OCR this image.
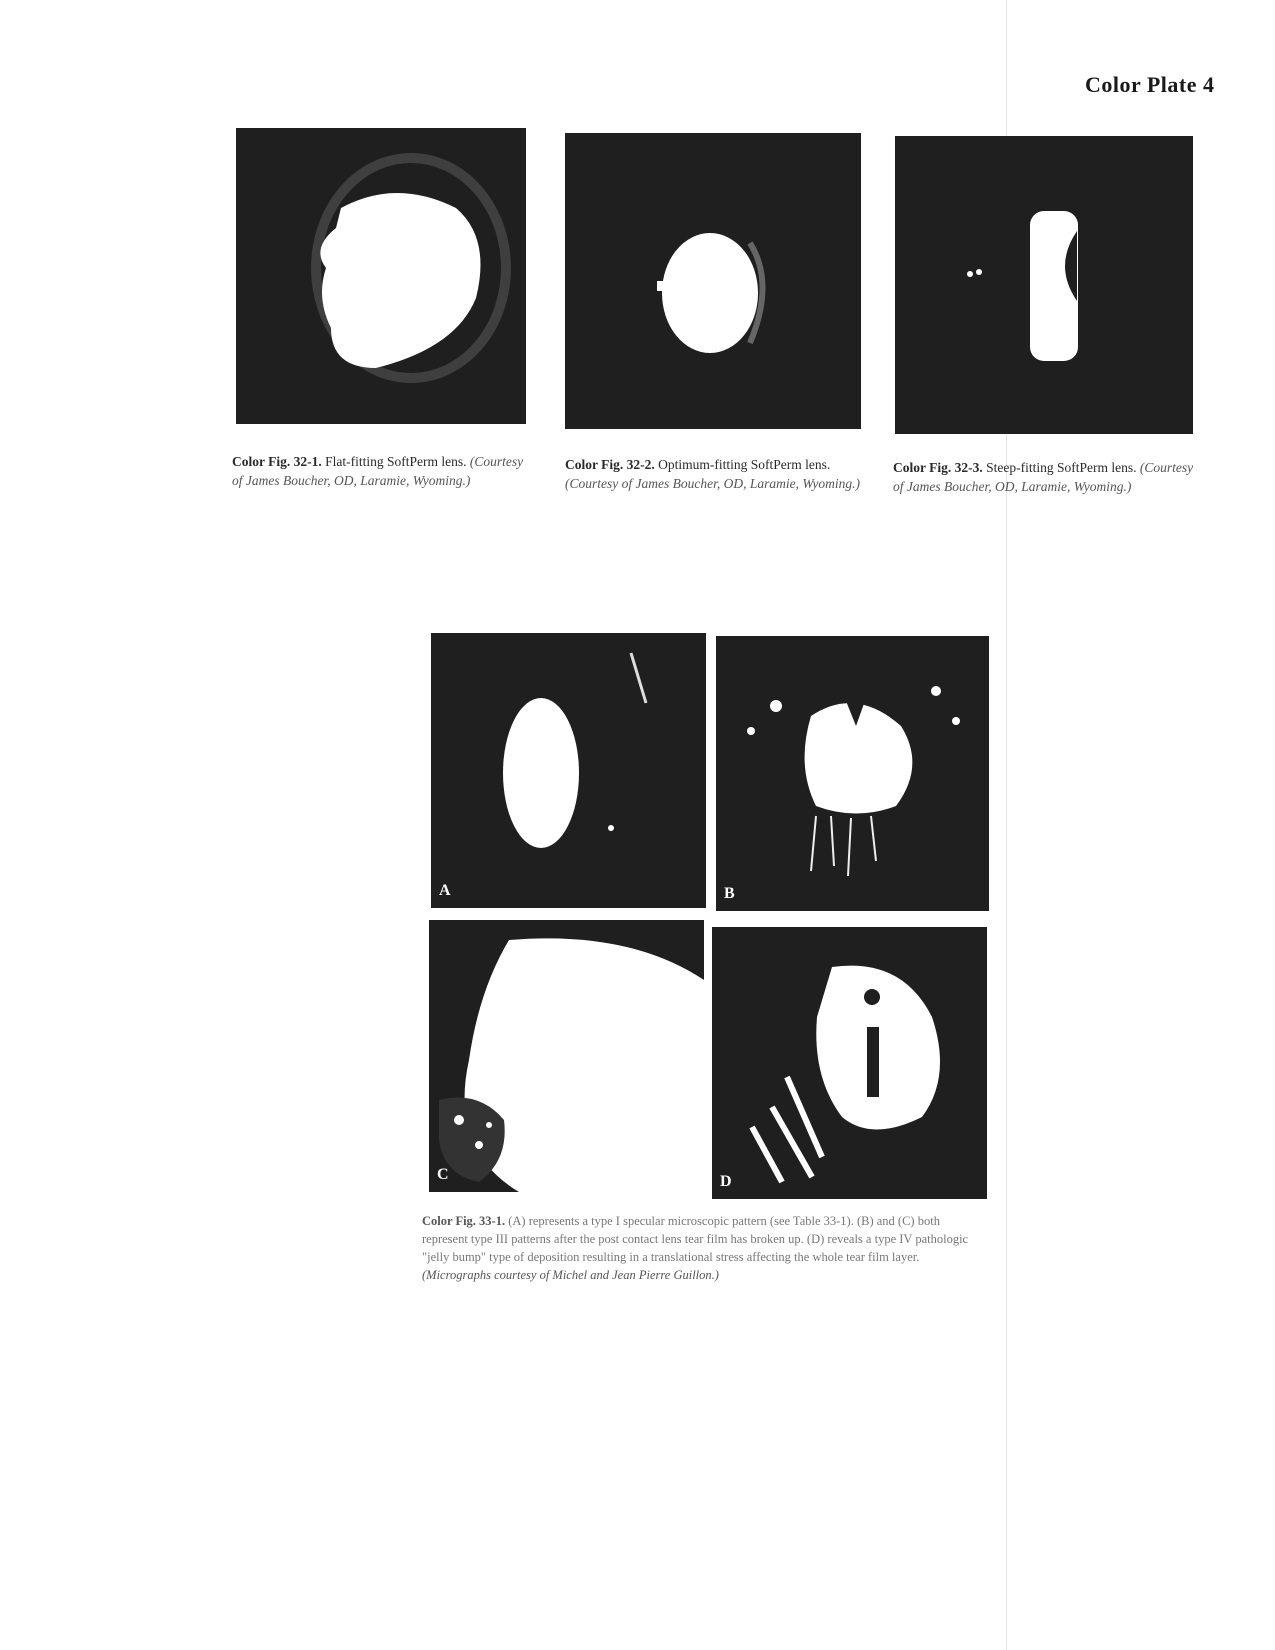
Color Plate 4
Color Fig. 32-1. Flat-fitting SoftPerm lens. (Courtesy of James Boucher, OD, Laramie, Wyoming.)
Color Fig. 32-2. Optimum-fitting SoftPerm lens. (Courtesy of James Boucher, OD, Laramie, Wyoming.)
Color Fig. 32-3. Steep-fitting SoftPerm lens. (Courtesy of James Boucher, OD, Laramie, Wyoming.)
A	B
C	D
Color Fig. 33-1. (A) represents a type I specular microscopic pattern (see Table 33-1). (B) and (C) both represent type III patterns after the post contact lens tear film has broken up. (D) reveals a type IV pathologic "jelly bump" type of deposition resulting in a translational stress affecting the whole tear film layer. (Micrographs courtesy of Michel and Jean Pierre Guillon.)
